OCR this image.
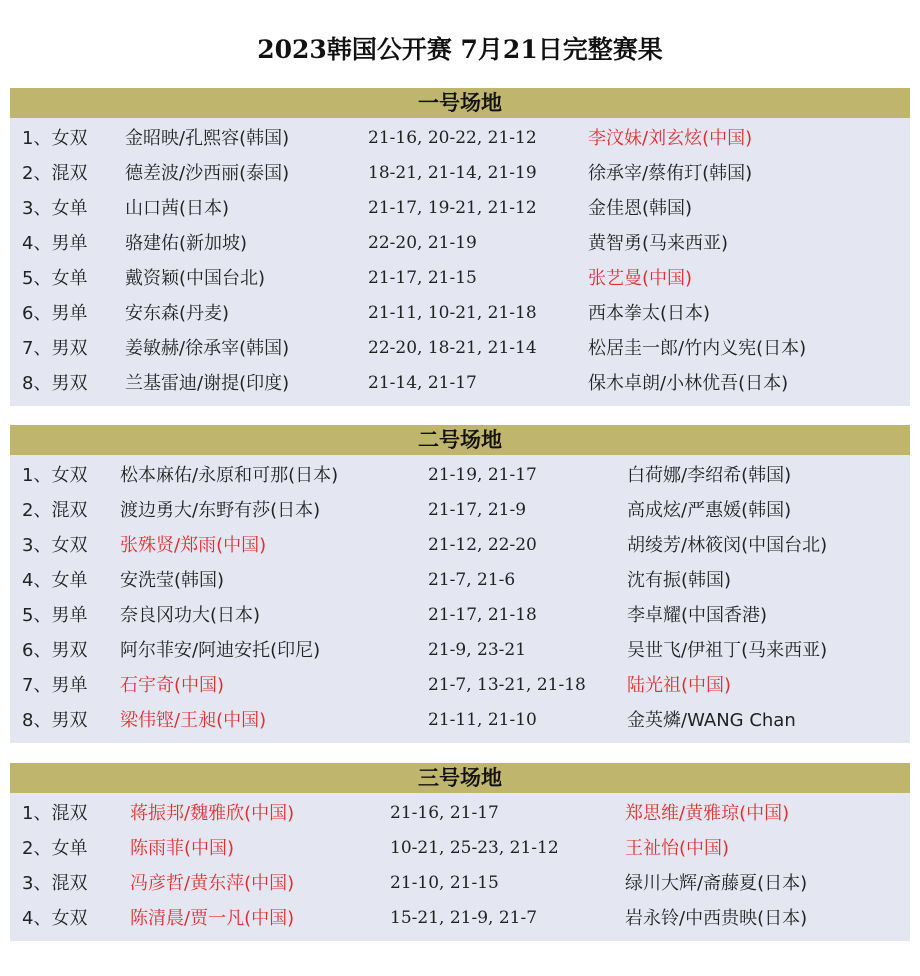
2023韩国公开赛 7月21日完整赛果
一号场地
1、女双 金昭映/孔熙容(韩国)	21-16, 20-22, 21-12	李汶妹/刘玄炫(中国)
2、混双 德差波/沙西丽(泰国)	18-21, 21-14, 21-19	徐承宰/蔡侑玎(韩国)
3、女单 山口茜(日本)	21-17, 19-21, 21-12	金佳恩(韩国)
4、男单 骆建佑(新加坡)	22-20, 21-19	黄智勇(马来西亚)
5、女单 戴资颖(中国台北)	21-17, 21-15	张艺曼(中国)
6、男单 安东森(丹麦)	21-11, 10-21, 21-18	西本拳太(日本)
7、男双 姜敏赫/徐承宰(韩国)	22-20, 18-21, 21-14	松居圭一郎/竹内义宪(日本)
8、男双 兰基雷迪/谢提(印度)	21-14, 21-17	保木卓朗/小林优吾(日本)
二号场地
1、女双 松本麻佑/永原和可那(日本)	21-19, 21-17	白荷娜/李绍希(韩国)
2、混双 渡边勇大/东野有莎(日本)	21-17, 21-9	高成炫/严惠媛(韩国)
3、女双 张殊贤/郑雨(中国)	21-12, 22-20	胡绫芳/林筱闵(中国台北)
4、女单 安洗莹(韩国)	21-7, 21-6	沈有振(韩国)
5、男单 奈良冈功大(日本)	21-17, 21-18	李卓耀(中国香港)
6、男双 阿尔菲安/阿迪安托(印尼)	21-9, 23-21	吴世飞/伊祖丁(马来西亚)
7、男单 石宇奇(中国)	21-7, 13-21, 21-18 陆光祖(中国)
8、男双 梁伟铿/王昶(中国)	21-11, 21-10	金英燐/WANG Chan
三号场地
1、混双 蒋振邦/魏雅欣(中国)	21-16, 21-17	郑思维/黄雅琼(中国)
2、女单 陈雨菲(中国)	10-21, 25-23, 21-12	王祉怡(中国)
3、混双 冯彦哲/黄东萍(中国)	21-10, 21-15	绿川大辉/斋藤夏(日本)
4、女双 陈清晨/贾一凡(中国)	15-21, 21-9, 21-7	岩永铃/中西贵映(日本)
